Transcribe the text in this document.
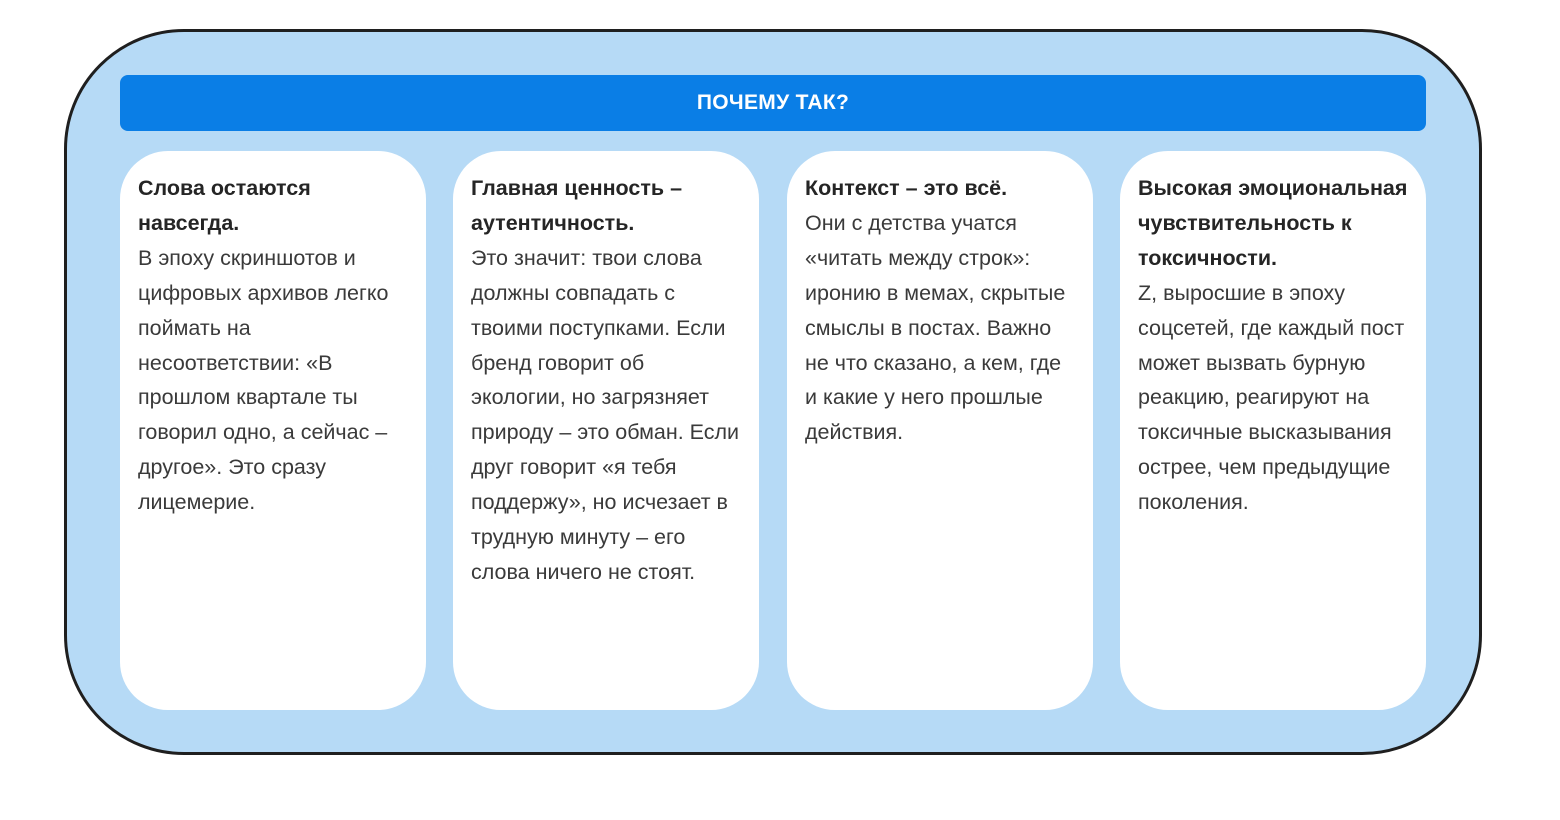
ПОЧЕМУ ТАК?
Слова остаются навсегда.
В эпоху скриншотов и цифровых архивов легко поймать на несоответствии: «В прошлом квартале ты говорил одно, а сейчас – другое». Это сразу лицемерие.
Главная ценность – аутентичность.
Это значит: твои слова должны совпадать с твоими поступками. Если бренд говорит об экологии, но загрязняет природу – это обман. Если друг говорит «я тебя поддержу», но исчезает в трудную минуту – его слова ничего не стоят.
Контекст – это всё.
Они с детства учатся «читать между строк»: иронию в мемах, скрытые смыслы в постах. Важно не что сказано, а кем, где и какие у него прошлые действия.
Высокая эмоциональная чувствительность к токсичности.
Z, выросшие в эпоху соцсетей, где каждый пост может вызвать бурную реакцию, реагируют на токсичные высказывания острее, чем предыдущие поколения.
